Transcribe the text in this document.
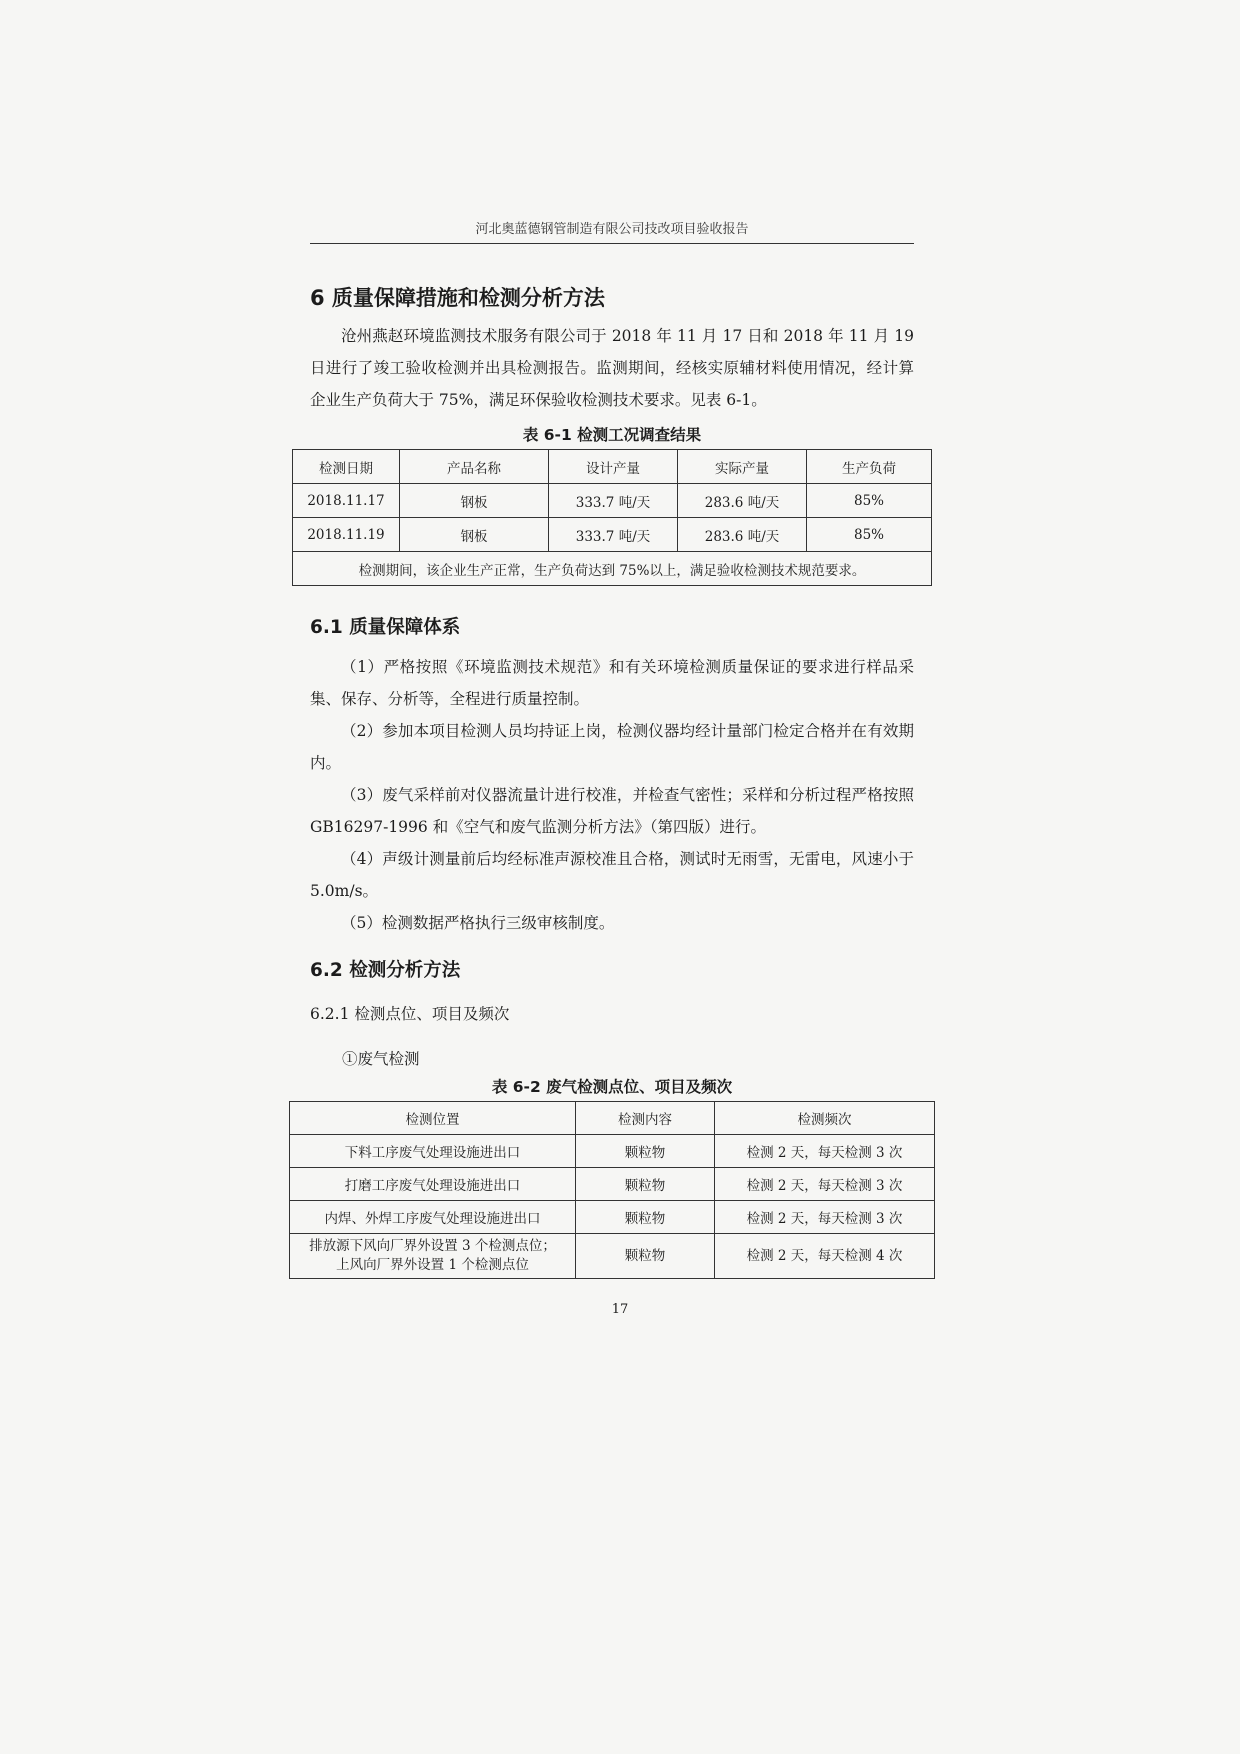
河北奥蓝德钢管制造有限公司技改项目验收报告
6 质量保障措施和检测分析方法
沧州燕赵环境监测技术服务有限公司于 2018 年 11 月 17 日和 2018 年 11 月 19 日进行了竣工验收检测并出具检测报告。监测期间，经核实原辅材料使用情况，经计算企业生产负荷大于 75%，满足环保验收检测技术要求。见表 6-1。
表 6-1 检测工况调查结果
检测日期	产品名称	设计产量	实际产量	生产负荷
2018.11.17	钢板	333.7 吨/天	283.6 吨/天	85%
2018.11.19	钢板	333.7 吨/天	283.6 吨/天	85%
检测期间，该企业生产正常，生产负荷达到 75%以上，满足验收检测技术规范要求。				
6.1 质量保障体系
（1）严格按照《环境监测技术规范》和有关环境检测质量保证的要求进行样品采集、保存、分析等，全程进行质量控制。
（2）参加本项目检测人员均持证上岗，检测仪器均经计量部门检定合格并在有效期内。
（3）废气采样前对仪器流量计进行校准，并检查气密性；采样和分析过程严格按照 GB16297-1996 和《空气和废气监测分析方法》（第四版）进行。
（4）声级计测量前后均经标准声源校准且合格，测试时无雨雪，无雷电，风速小于 5.0m/s。
（5）检测数据严格执行三级审核制度。
6.2 检测分析方法
6.2.1 检测点位、项目及频次
①废气检测
表 6-2 废气检测点位、项目及频次
检测位置	检测内容	检测频次
下料工序废气处理设施进出口	颗粒物	检测 2 天，每天检测 3 次
打磨工序废气处理设施进出口	颗粒物	检测 2 天，每天检测 3 次
内焊、外焊工序废气处理设施进出口	颗粒物	检测 2 天，每天检测 3 次

排放源下风向厂界外设置 3 个检测点位；
上风向厂界外设置 1 个检测点位	颗粒物	检测 2 天，每天检测 4 次
17
